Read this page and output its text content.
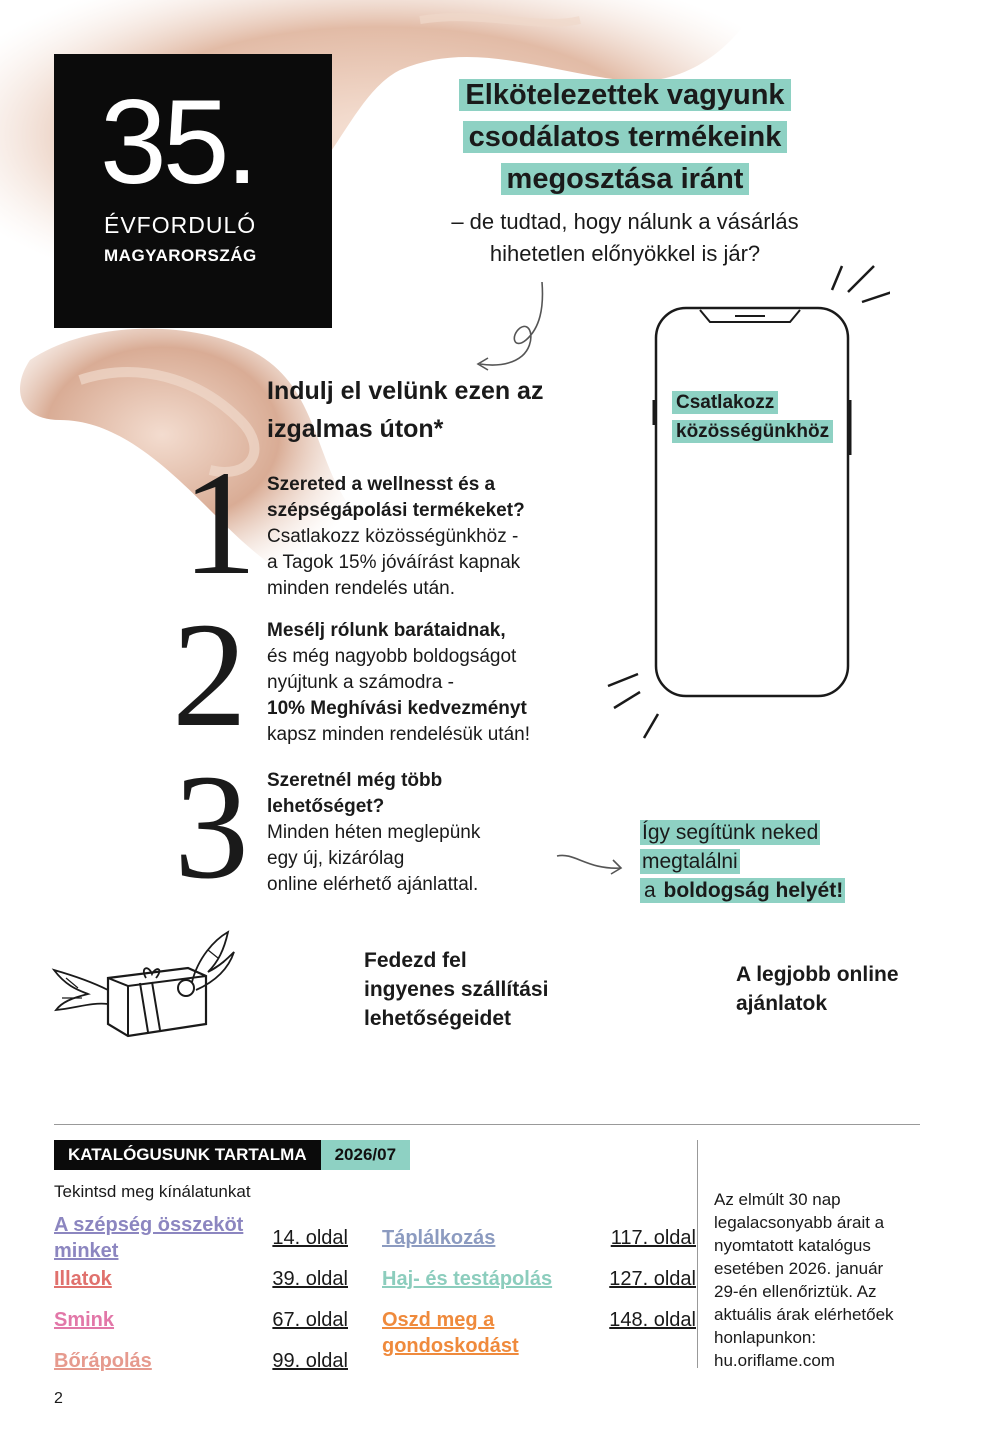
35.
ÉVFORDULÓ
MAGYARORSZÁG
Elkötelezettek vagyunk
csodálatos termékeink
megosztása iránt
– de tudtad, hogy nálunk a vásárlás
hihetetlen előnyökkel is jár?
Indulj el velünk ezen az
izgalmas úton*
1
2
3
Szereted a wellnesst és a
szépségápolási termékeket?
Csatlakozz közösségünkhöz -
a Tagok 15% jóváírást kapnak
minden rendelés után.
Mesélj rólunk barátaidnak,
és még nagyobb boldogságot
nyújtunk a számodra -
10% Meghívási kedvezményt
kapsz minden rendelésük után!
Szeretnél még több
lehetőséget?
Minden héten meglepünk
egy új, kizárólag
online elérhető ajánlattal.
Csatlakozz
közösségünkhöz
Így segítünk neked
megtalálni
a boldogság helyét!
Fedezd fel
ingyenes szállítási
lehetőségeidet
A legjobb online
ajánlatok
KATALÓGUSUNK TARTALMA	2026/07
Tekintsd meg kínálatunkat
A szépség összeköt
minket
14. oldal
Illatok	39. oldal
Smink	67. oldal
Bőrápolás	99. oldal
Táplálkozás	117. oldal
Haj- és testápolás	127. oldal
Oszd meg a
gondoskodást
148. oldal
Az elmúlt 30 nap
legalacsonyabb árait a
nyomtatott katalógus
esetében 2026. január
29-én ellenőriztük. Az
aktuális árak elérhetőek
honlapunkon:
hu.oriflame.com
2
